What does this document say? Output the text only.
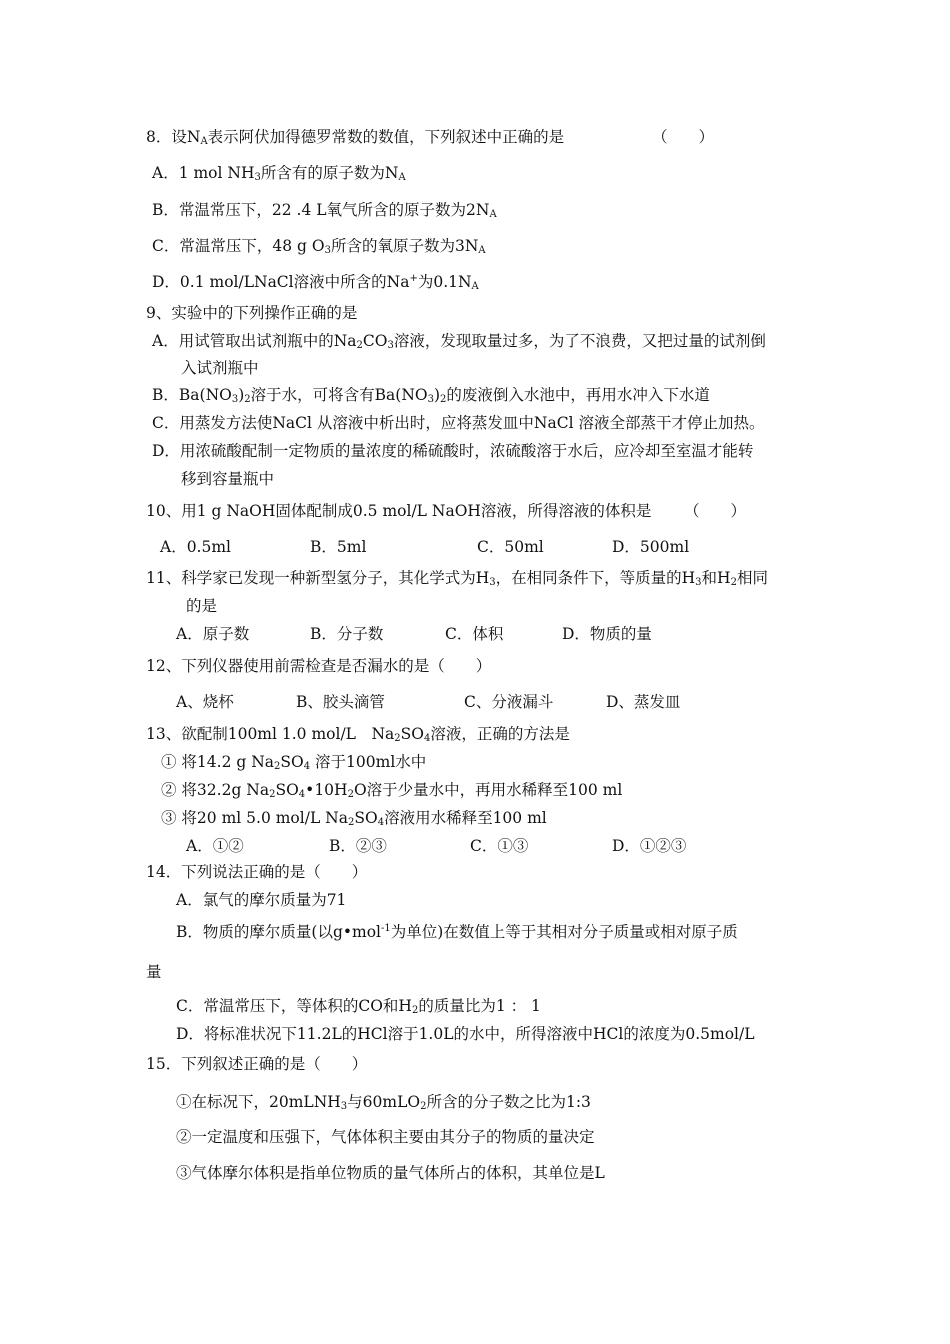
8．设$N_A$表示阿伏加得德罗常数的数值，下列叙述中正确的是	（　　）
A．1 mol $NH_3$所含有的原子数为$N_A$
B．常温常压下，22 .4 L氧气所含的原子数为$2N_A$
C．常温常压下，48 g $O_3$所含的氧原子数为$3N_A$
D．0.1 mol/LNaCl溶液中所含的Na+为$0.1N_A$
9、实验中的下列操作正确的是
A．用试管取出试剂瓶中的$Na_2CO_3$溶液，发现取量过多，为了不浪费，又把过量的试剂倒
入试剂瓶中
B．$Ba(NO_3)_2$溶于水，可将含有$Ba(NO_3)_2$的废液倒入水池中，再用水冲入下水道
C．用蒸发方法使NaCl 从溶液中析出时，应将蒸发皿中NaCl 溶液全部蒸干才停止加热。
D．用浓硫酸配制一定物质的量浓度的稀硫酸时，浓硫酸溶于水后，应冷却至室温才能转
移到容量瓶中
10、用1 g NaOH固体配制成0.5 mol/L NaOH溶液，所得溶液的体积是 （　　）
A．0.5ml	B．5ml	C．50ml	D．500ml
11、科学家已发现一种新型氢分子，其化学式为$H_3$，在相同条件下，等质量的$H_3$和$H_2$相同
的是
A．原子数	B．分子数	C．体积	D．物质的量
12、下列仪器使用前需检查是否漏水的是（　　）
A、烧杯	B、胶头滴管	C、分液漏斗	D、蒸发皿
13、欲配制100ml 1.0 mol/L　$Na_2SO_4$溶液，正确的方法是
① 将14.2 g $Na_2SO_4$ 溶于100ml水中
② 将32.2g $Na_2SO_4•10H_2O$溶于少量水中，再用水稀释至100 ml
③ 将20 ml 5.0 mol/L $Na_2SO_4$溶液用水稀释至100 ml
A．①②	B．②③	C．①③	D．①②③
14．下列说法正确的是（　　）
A．氯气的摩尔质量为71
B．物质的摩尔质量(以g•mol$^{-1}$为单位)在数值上等于其相对分子质量或相对原子质
量
C．常温常压下，等体积的CO和$H_2$的质量比为1 ： 1
D．将标准状况下11.2L的HCl溶于1.0L的水中，所得溶液中HCl的浓度为0.5mol/L
15．下列叙述正确的是（　　）
①在标况下，20mLNH$_3$与60mLO$_2$所含的分子数之比为1:3
②一定温度和压强下，气体体积主要由其分子的物质的量决定
③气体摩尔体积是指单位物质的量气体所占的体积，其单位是L
